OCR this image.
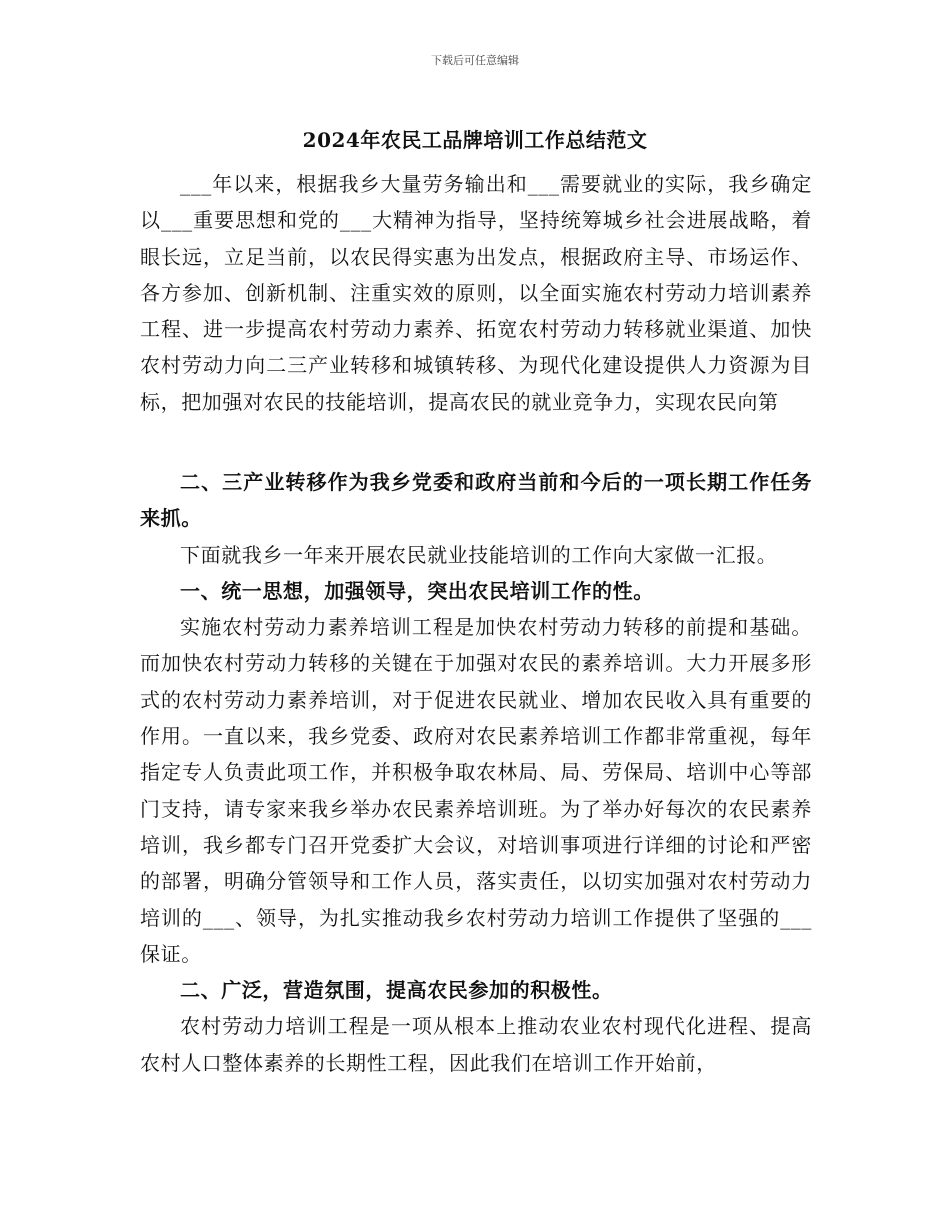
下载后可任意编辑
2024年农民工品牌培训工作总结范文

___年以来，根据我乡大量劳务输出和___需要就业的实际，我乡确定以___重要思想和党的___大精神为指导，坚持统筹城乡社会进展战略，着眼长远，立足当前，以农民得实惠为出发点，根据政府主导、市场运作、各方参加、创新机制、注重实效的原则，以全面实施农村劳动力培训素养工程、进一步提高农村劳动力素养、拓宽农村劳动力转移就业渠道、加快农村劳动力向二三产业转移和城镇转移、为现代化建设提供人力资源为目标，把加强对农民的技能培训，提高农民的就业竞争力，实现农民向第

二、三产业转移作为我乡党委和政府当前和今后的一项长期工作任务来抓。

下面就我乡一年来开展农民就业技能培训的工作向大家做一汇报。

一、统一思想，加强领导，突出农民培训工作的性。

实施农村劳动力素养培训工程是加快农村劳动力转移的前提和基础。而加快农村劳动力转移的关键在于加强对农民的素养培训。大力开展多形式的农村劳动力素养培训，对于促进农民就业、增加农民收入具有重要的作用。一直以来，我乡党委、政府对农民素养培训工作都非常重视，每年指定专人负责此项工作，并积极争取农林局、局、劳保局、培训中心等部门支持，请专家来我乡举办农民素养培训班。为了举办好每次的农民素养培训，我乡都专门召开党委扩大会议，对培训事项进行详细的讨论和严密的部署，明确分管领导和工作人员，落实责任，以切实加强对农村劳动力培训的___、领导，为扎实推动我乡农村劳动力培训工作提供了坚强的___保证。

二、广泛，营造氛围，提高农民参加的积极性。

农村劳动力培训工程是一项从根本上推动农业农村现代化进程、提高农村人口整体素养的长期性工程，因此我们在培训工作开始前，
